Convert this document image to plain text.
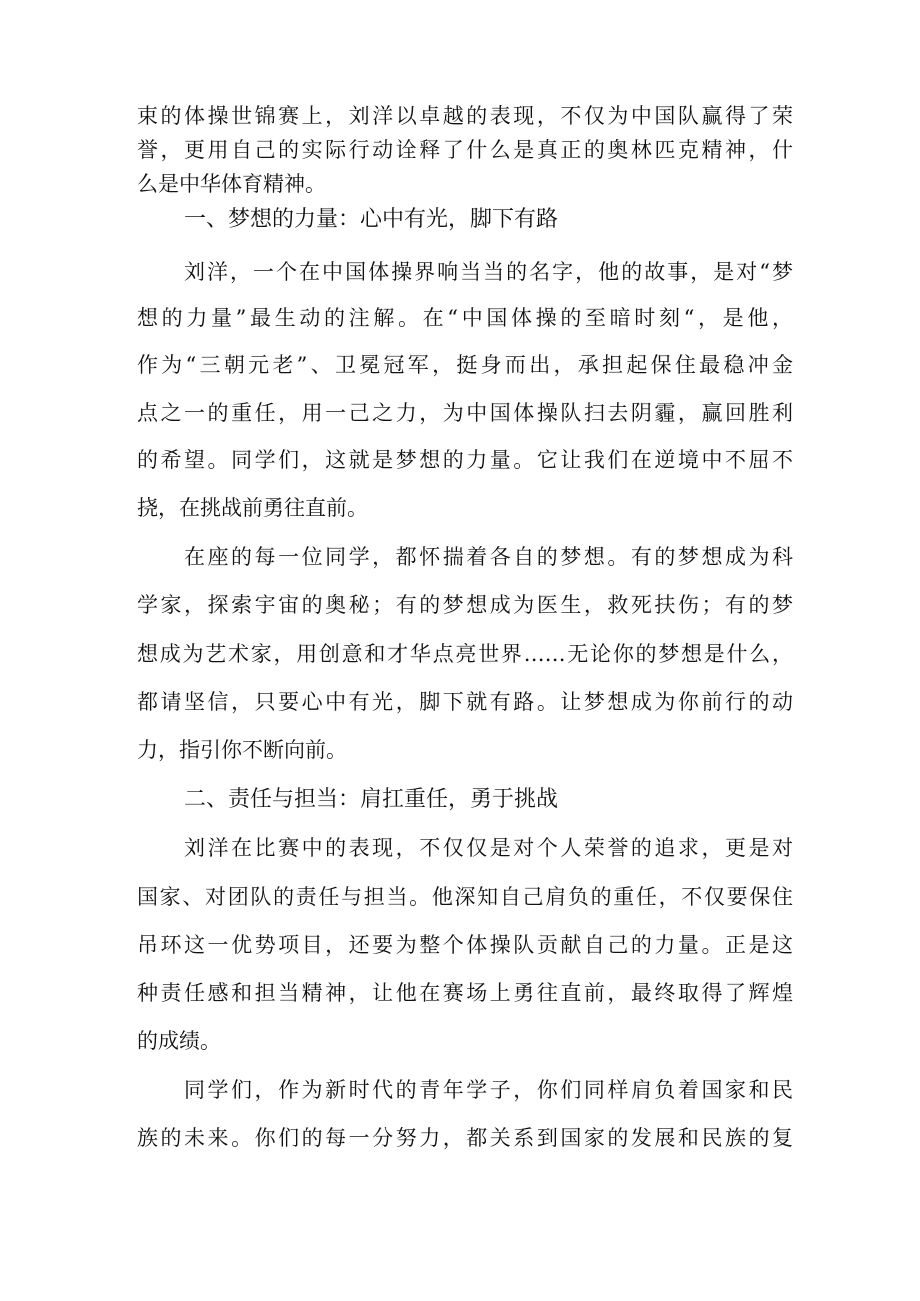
束的体操世锦赛上，刘洋以卓越的表现，不仅为中国队赢得了荣
誉，更用自己的实际行动诠释了什么是真正的奥林匹克精神，什
么是中华体育精神。
一、梦想的力量：心中有光，脚下有路
刘洋，一个在中国体操界响当当的名字，他的故事，是对“梦
想的力量”最生动的注解。在“中国体操的至暗时刻“，是他，
作为“三朝元老”、卫冕冠军，挺身而出，承担起保住最稳冲金
点之一的重任，用一己之力，为中国体操队扫去阴霾，赢回胜利
的希望。同学们，这就是梦想的力量。它让我们在逆境中不屈不
挠，在挑战前勇往直前。
在座的每一位同学，都怀揣着各自的梦想。有的梦想成为科
学家，探索宇宙的奥秘；有的梦想成为医生，救死扶伤；有的梦
想成为艺术家，用创意和才华点亮世界……无论你的梦想是什么，
都请坚信，只要心中有光，脚下就有路。让梦想成为你前行的动
力，指引你不断向前。
二、责任与担当：肩扛重任，勇于挑战
刘洋在比赛中的表现，不仅仅是对个人荣誉的追求，更是对
国家、对团队的责任与担当。他深知自己肩负的重任，不仅要保住
吊环这一优势项目，还要为整个体操队贡献自己的力量。正是这
种责任感和担当精神，让他在赛场上勇往直前，最终取得了辉煌
的成绩。
同学们，作为新时代的青年学子，你们同样肩负着国家和民
族的未来。你们的每一分努力，都关系到国家的发展和民族的复
